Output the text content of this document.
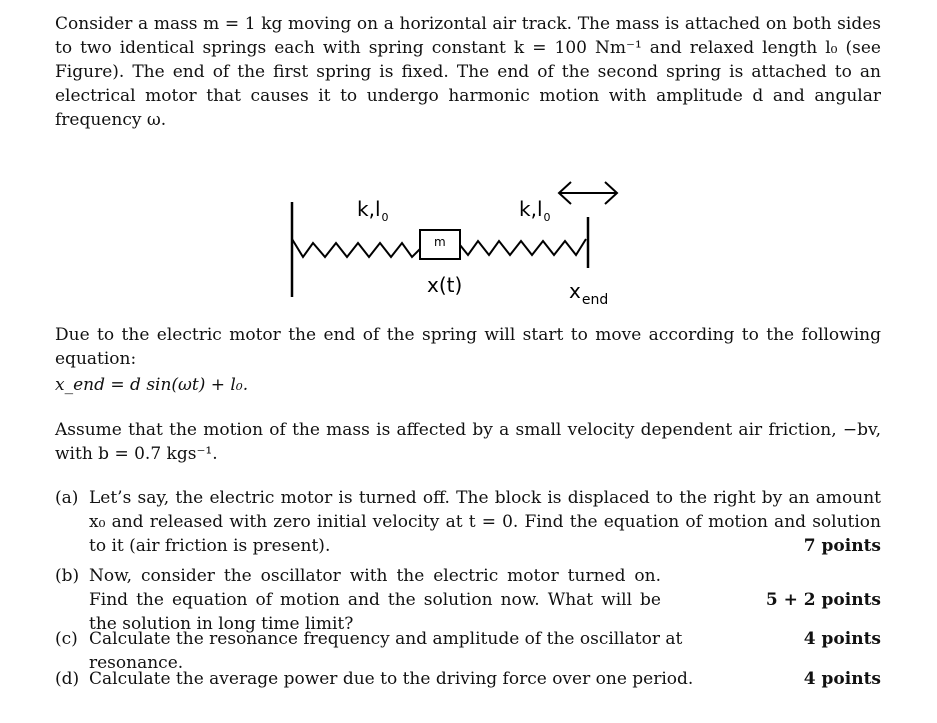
Consider a mass m = 1 kg moving on a horizontal air track. The mass is attached on both sides to two identical springs each with spring constant k = 100 Nm⁻¹ and relaxed length l₀ (see Figure). The end of the first spring is fixed. The end of the second spring is attached to an electrical motor that causes it to undergo harmonic motion with amplitude d and angular frequency ω.

$k,l_0$	$k,l_0$
m
x(t)	$x_{end}$

Due to the electric motor the end of the spring will start to move according to the following equation:

x_end = d sin(ωt) + l₀.

Assume that the motion of the mass is affected by a small velocity dependent air friction, −bv, with b = 0.7 kgs⁻¹.

(a) Let’s say, the electric motor is turned off. The block is displaced to the right by an amount x₀ and released with zero initial velocity at t = 0. Find the equation of motion and solution to it (air friction is present).	7 points
(b) Now, consider the oscillator with the electric motor turned on. Find the equation of motion and the solution now. What will be the solution in long time limit?
5 + 2 points
(c) Calculate the resonance frequency and amplitude of the oscillator at resonance.
4 points
(d) Calculate the average power due to the driving force over one period.	4 points
